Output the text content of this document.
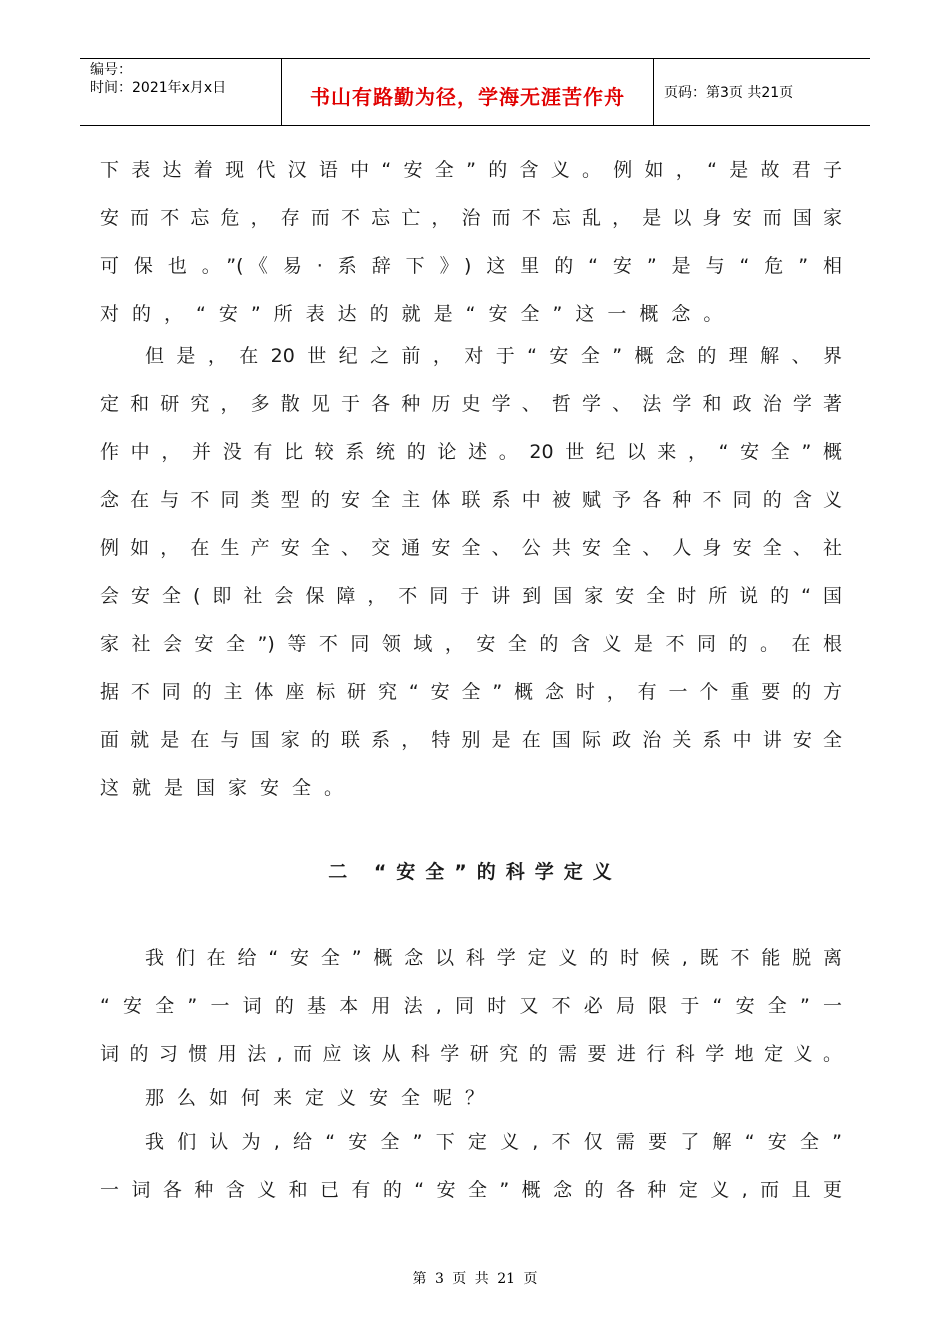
编号：
时间：2021年x月x日	书山有路勤为径，学海无涯苦作舟	页码：第3页 共21页
下表达着现代汉语中“安全”的含义。例如，“是故君子
安而不忘危，存而不忘亡，治而不忘乱，是以身安而国家
可保也。”(《易·系辞下》)这里的“安”是与“危”相
对的，“安”所表达的就是“安全”这一概念。
但是，在20世纪之前，对于“安全”概念的理解、界
定和研究，多散见于各种历史学、哲学、法学和政治学著
作中，并没有比较系统的论述。20世纪以来，“安全”概
念在与不同类型的安全主体联系中被赋予各种不同的含义
例如，在生产安全、交通安全、公共安全、人身安全、社
会安全(即社会保障，不同于讲到国家安全时所说的“国
家社会安全”)等不同领域，安全的含义是不同的。在根
据不同的主体座标研究“安全”概念时，有一个重要的方
面就是在与国家的联系，特别是在国际政治关系中讲安全
这就是国家安全。
二 “安全”的科学定义
我们在给“安全”概念以科学定义的时候,既不能脱离
“安全”一词的基本用法,同时又不必局限于“安全”一
词的习惯用法,而应该从科学研究的需要进行科学地定义。
那么如何来定义安全呢？
我们认为,给“安全”下定义,不仅需要了解“安全”
一词各种含义和已有的“安全”概念的各种定义,而且更
第 3 页 共 21 页
